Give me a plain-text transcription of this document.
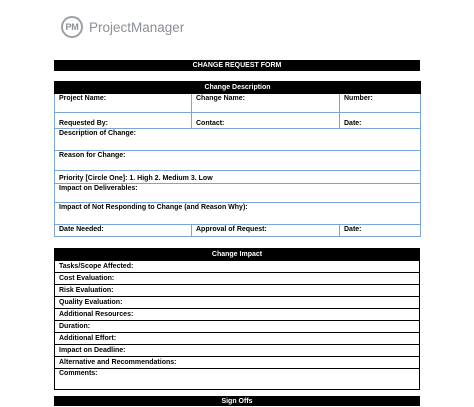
PM ProjectManager
CHANGE REQUEST FORM
Change Description		
Project Name:	Change Name:	Number:
Requested By:	Contact:	Date:
Description of Change:		
Reason for Change:		
Priority [Circle One]: 1. High 2. Medium 3. Low		
Impact on Deliverables:		
Impact of Not Responding to Change (and Reason Why):		
Date Needed:	Approval of Request:	Date:
Change Impact
Tasks/Scope Affected:
Cost Evaluation:
Risk Evaluation:
Quality Evaluation:
Additional Resources:
Duration:
Additional Effort:
Impact on Deadline:
Alternative and Recommendations:
Comments:
Sign Offs
